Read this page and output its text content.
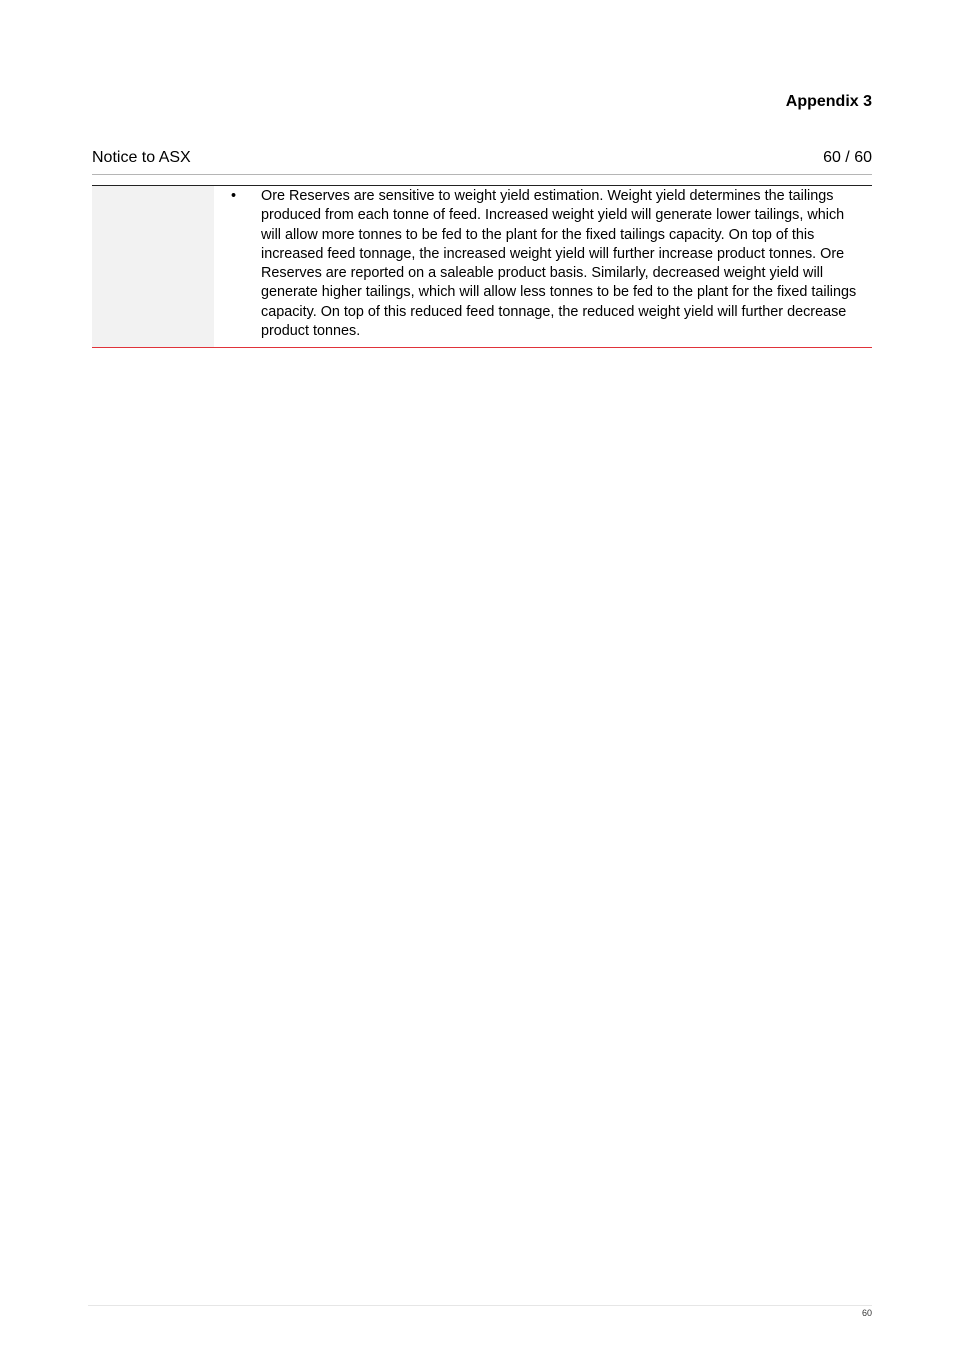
Appendix 3
Notice to ASX	60 / 60
•	Ore Reserves are sensitive to weight yield estimation. Weight yield determines the tailings produced from each tonne of feed. Increased weight yield will generate lower tailings, which will allow more tonnes to be fed to the plant for the fixed tailings capacity. On top of this increased feed tonnage, the increased weight yield will further increase product tonnes. Ore Reserves are reported on a saleable product basis. Similarly, decreased weight yield will generate higher tailings, which will allow less tonnes to be fed to the plant for the fixed tailings capacity. On top of this reduced feed tonnage, the reduced weight yield will further decrease product tonnes.
60
